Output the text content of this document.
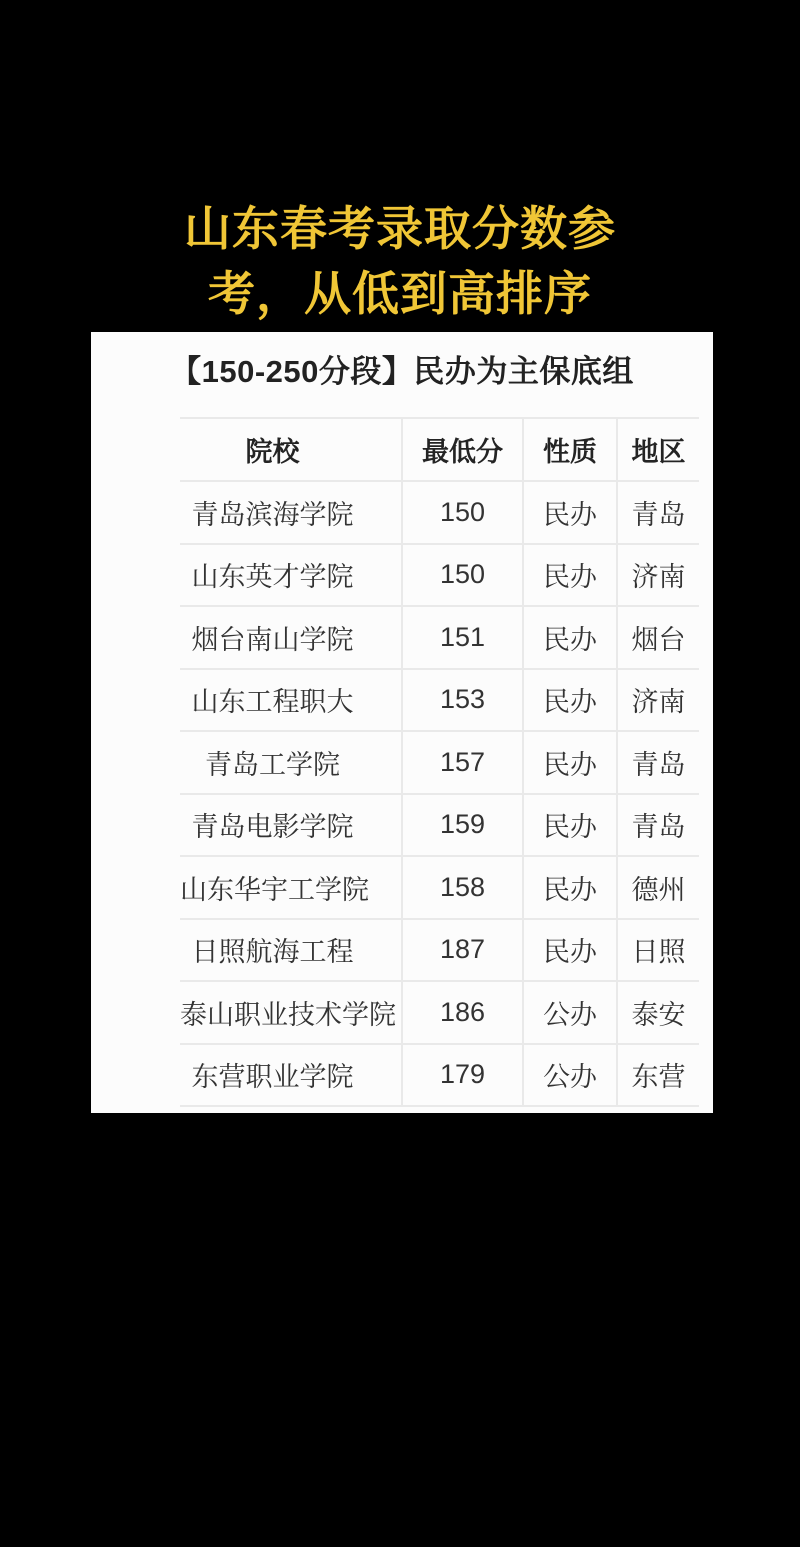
山东春考录取分数参
考，从低到高排序
【150-250分段】民办为主保底组
院校	最低分	性质	地区
青岛滨海学院	150	民办	青岛
山东英才学院	150	民办	济南
烟台南山学院	151	民办	烟台
山东工程职大	153	民办	济南
青岛工学院	157	民办	青岛
青岛电影学院	159	民办	青岛
山东华宇工学院	158	民办	德州
日照航海工程	187	民办	日照
泰山职业技术学院	186	公办	泰安
东营职业学院	179	公办	东营
